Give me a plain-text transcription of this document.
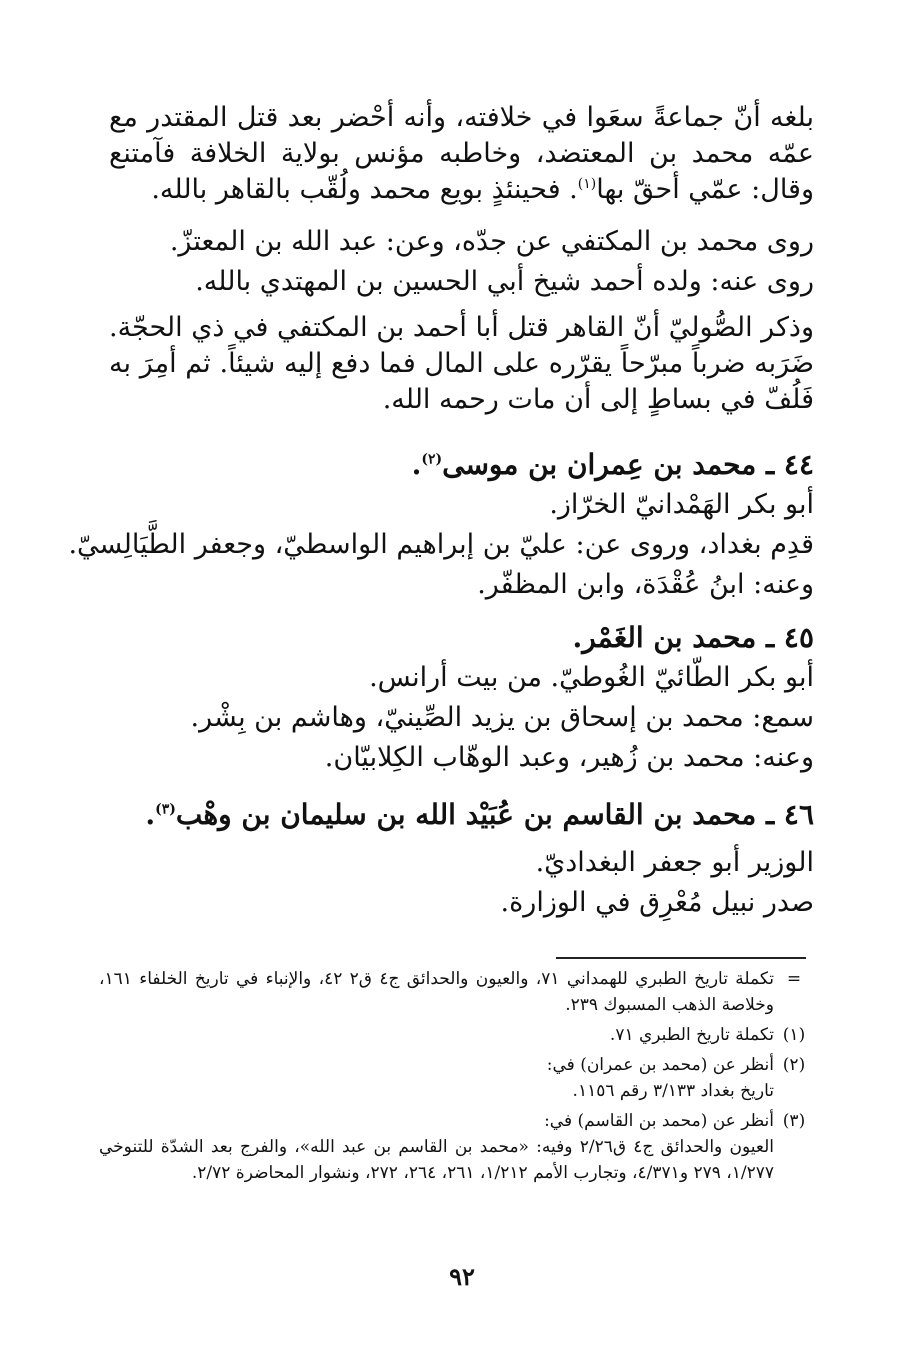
بلغه أنّ جماعةً سعَوا في خلافته، وأنه أحْضر بعد قتل المقتدر مع عمّه محمد بن المعتضد، وخاطبه مؤنس بولاية الخلافة فآمتنع وقال: عمّي أحقّ بها$^{(١)}$. فحينئذٍ بويع محمد ولُقّب بالقاهر بالله.
روى محمد بن المكتفي عن جدّه، وعن: عبد الله بن المعتزّ.
روى عنه: ولده أحمد شيخ أبي الحسين بن المهتدي بالله.
وذكر الصُّوليّ أنّ القاهر قتل أبا أحمد بن المكتفي في ذي الحجّة. ضَرَبه ضرباً مبرّحاً يقرّره على المال فما دفع إليه شيئاً. ثم أمِرَ به فَلُفّ في بساطٍ إلى أن مات رحمه الله.
٤٤ ـ محمد بن عِمران بن موسى$^{(٢)}$.
أبو بكر الهَمْدانيّ الخرّاز.
قدِم بغداد، وروى عن: عليّ بن إبراهيم الواسطيّ، وجعفر الطَّيَالِسيّ.
وعنه: ابنُ عُقْدَة، وابن المظفّر.
٤٥ ـ محمد بن الغَمْر.
أبو بكر الطّائيّ الغُوطيّ. من بيت أرانس.
سمع: محمد بن إسحاق بن يزيد الصِّينيّ، وهاشم بن بِشْر.
وعنه: محمد بن زُهير، وعبد الوهّاب الكِلابيّان.
٤٦ ـ محمد بن القاسم بن عُبَيْد الله بن سليمان بن وهْب$^{(٣)}$.
الوزير أبو جعفر البغداديّ.
صدر نبيل مُعْرِق في الوزارة.
=
تكملة تاريخ الطبري للهمداني ٧١، والعيون والحدائق ج٤ ق٢ ٤٢، والإنباء في تاريخ الخلفاء ١٦١، وخلاصة الذهب المسبوك ٢٣٩.
(١)
تكملة تاريخ الطبري ٧١.
(٢)
أنظر عن (محمد بن عمران) في:
تاريخ بغداد ٣/١٣٣ رقم ١١٥٦.
(٣)
أنظر عن (محمد بن القاسم) في:
العيون والحدائق ج٤ ق٢/٢٦ وفيه: «محمد بن القاسم بن عبد الله»، والفرج بعد الشدّة للتنوخي ١/٢٧٧، ٢٧٩ و٤/٣٧١، وتجارب الأمم ١/٢١٢، ٢٦١، ٢٦٤، ٢٧٢، ونشوار المحاضرة ٢/٧٢.
٩٢
